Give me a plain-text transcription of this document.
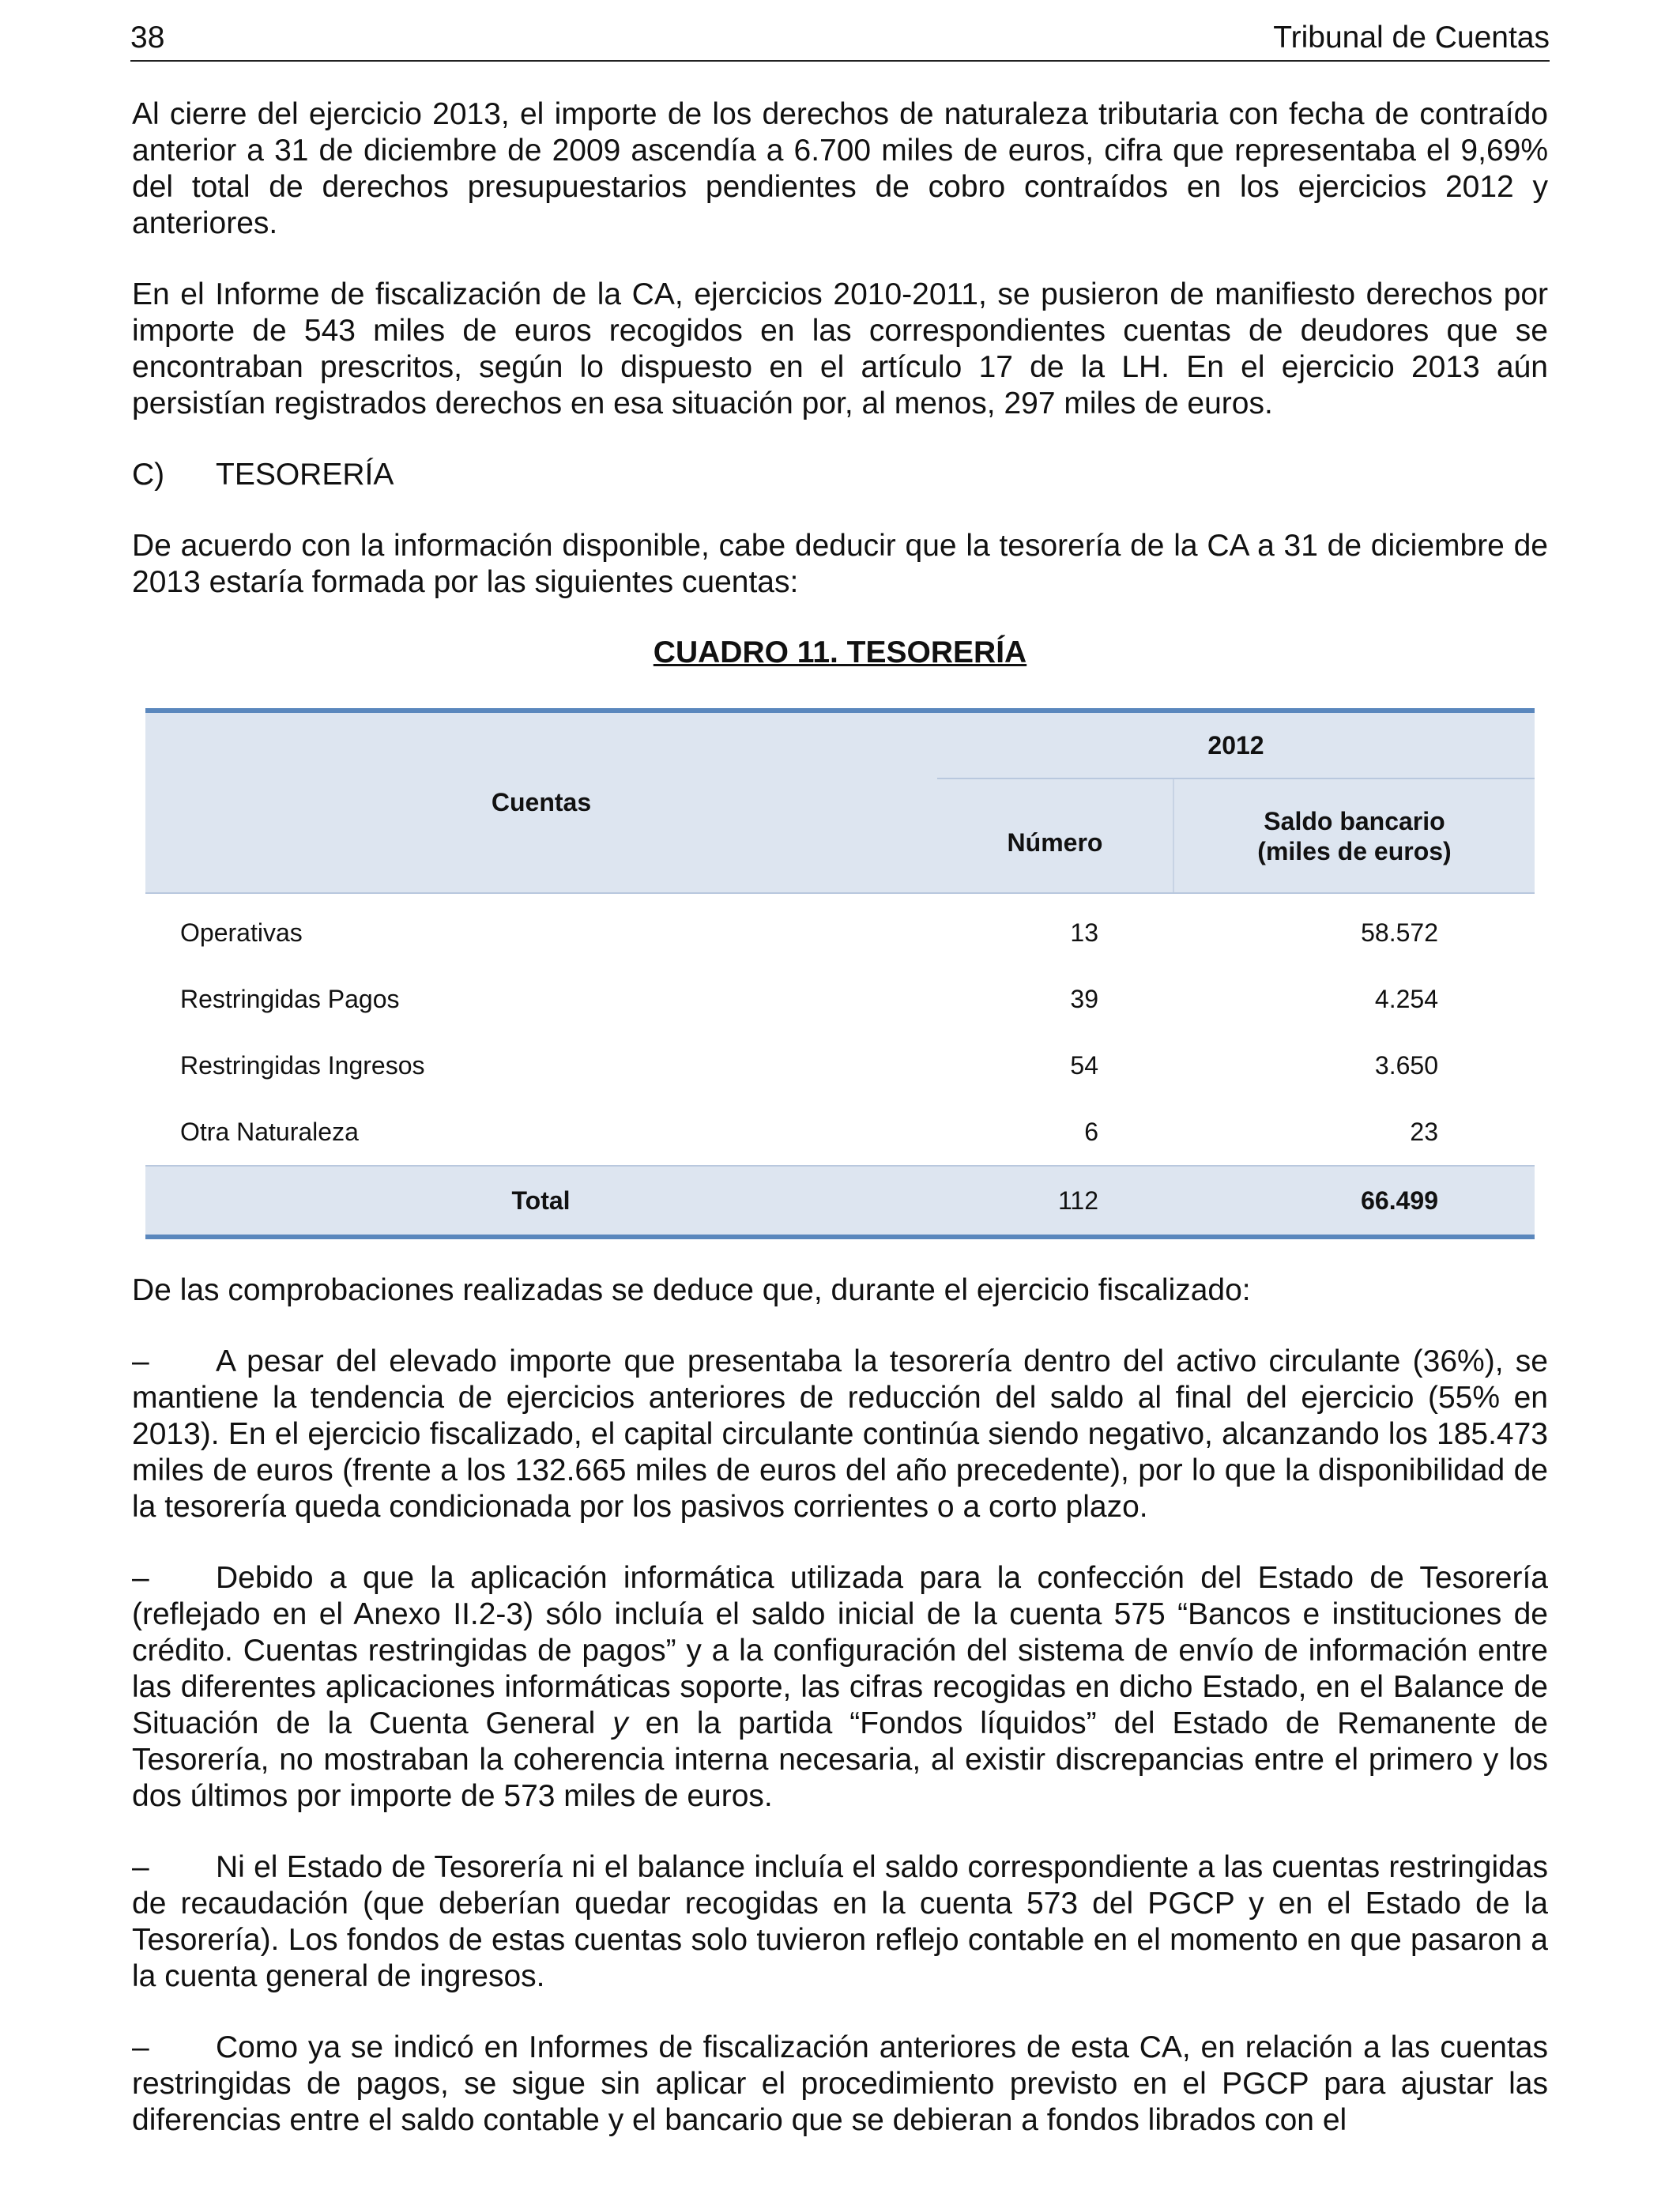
38	Tribunal de Cuentas

Al cierre del ejercicio 2013, el importe de los derechos de naturaleza tributaria con fecha de contraído anterior a 31 de diciembre de 2009 ascendía a 6.700 miles de euros, cifra que representaba el 9,69% del total de derechos presupuestarios pendientes de cobro contraídos en los ejercicios 2012 y anteriores.

En el Informe de fiscalización de la CA, ejercicios 2010-2011, se pusieron de manifiesto derechos por importe de 543 miles de euros recogidos en las correspondientes cuentas de deudores que se encontraban prescritos, según lo dispuesto en el artículo 17 de la LH. En el ejercicio 2013 aún persistían registrados derechos en esa situación por, al menos, 297 miles de euros.

C)	TESORERÍA

De acuerdo con la información disponible, cabe deducir que la tesorería de la CA a 31 de diciembre de 2013 estaría formada por las siguientes cuentas:

CUADRO 11. TESORERÍA
Cuentas	2012	
	Número	Saldo bancario
(miles de euros)
Operativas	13	58.572
Restringidas Pagos	39	4.254
Restringidas Ingresos	54	3.650
Otra Naturaleza	6	23
Total	112	66.499

De las comprobaciones realizadas se deduce que, durante el ejercicio fiscalizado:

– A pesar del elevado importe que presentaba la tesorería dentro del activo circulante (36%), se mantiene la tendencia de ejercicios anteriores de reducción del saldo al final del ejercicio (55% en 2013). En el ejercicio fiscalizado, el capital circulante continúa siendo negativo, alcanzando los 185.473 miles de euros (frente a los 132.665 miles de euros del año precedente), por lo que la disponibilidad de la tesorería queda condicionada por los pasivos corrientes o a corto plazo.

– Debido a que la aplicación informática utilizada para la confección del Estado de Tesorería (reflejado en el Anexo II.2-3) sólo incluía el saldo inicial de la cuenta 575 “Bancos e instituciones de crédito. Cuentas restringidas de pagos” y a la configuración del sistema de envío de información entre las diferentes aplicaciones informáticas soporte, las cifras recogidas en dicho Estado, en el Balance de Situación de la Cuenta General y en la partida “Fondos líquidos” del Estado de Remanente de Tesorería, no mostraban la coherencia interna necesaria, al existir discrepancias entre el primero y los dos últimos por importe de 573 miles de euros.

– Ni el Estado de Tesorería ni el balance incluía el saldo correspondiente a las cuentas restringidas de recaudación (que deberían quedar recogidas en la cuenta 573 del PGCP y en el Estado de la Tesorería). Los fondos de estas cuentas solo tuvieron reflejo contable en el momento en que pasaron a la cuenta general de ingresos.

– Como ya se indicó en Informes de fiscalización anteriores de esta CA, en relación a las cuentas restringidas de pagos, se sigue sin aplicar el procedimiento previsto en el PGCP para ajustar las diferencias entre el saldo contable y el bancario que se debieran a fondos librados con el
